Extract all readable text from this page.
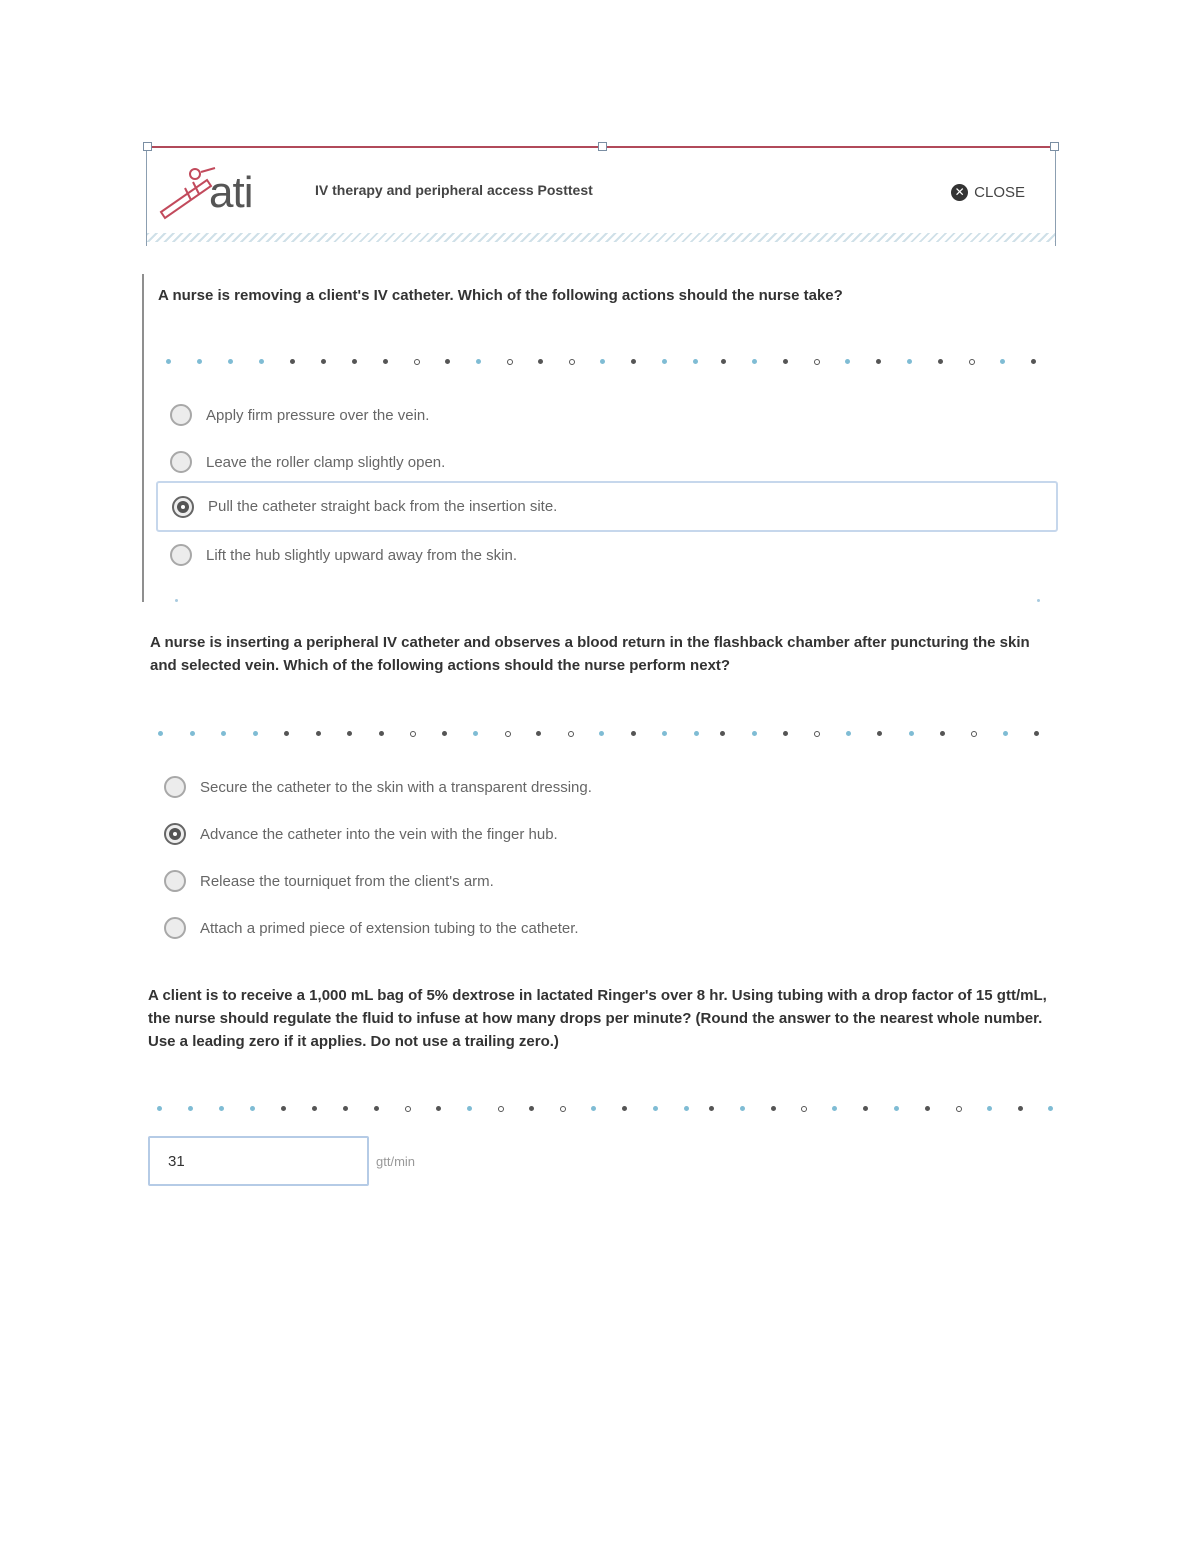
ati	IV therapy and peripheral access Posttest	✕ CLOSE
A nurse is removing a client's IV catheter. Which of the following actions should the nurse take?
Apply firm pressure over the vein.
Leave the roller clamp slightly open.
Pull the catheter straight back from the insertion site.
Lift the hub slightly upward away from the skin.
A nurse is inserting a peripheral IV catheter and observes a blood return in the flashback chamber after puncturing the skin and selected vein. Which of the following actions should the nurse perform next?
Secure the catheter to the skin with a transparent dressing.
Advance the catheter into the vein with the finger hub.
Release the tourniquet from the client's arm.
Attach a primed piece of extension tubing to the catheter.
A client is to receive a 1,000 mL bag of 5% dextrose in lactated Ringer's over 8 hr. Using tubing with a drop factor of 15 gtt/mL, the nurse should regulate the fluid to infuse at how many drops per minute? (Round the answer to the nearest whole number. Use a leading zero if it applies. Do not use a trailing zero.)
31
gtt/min
